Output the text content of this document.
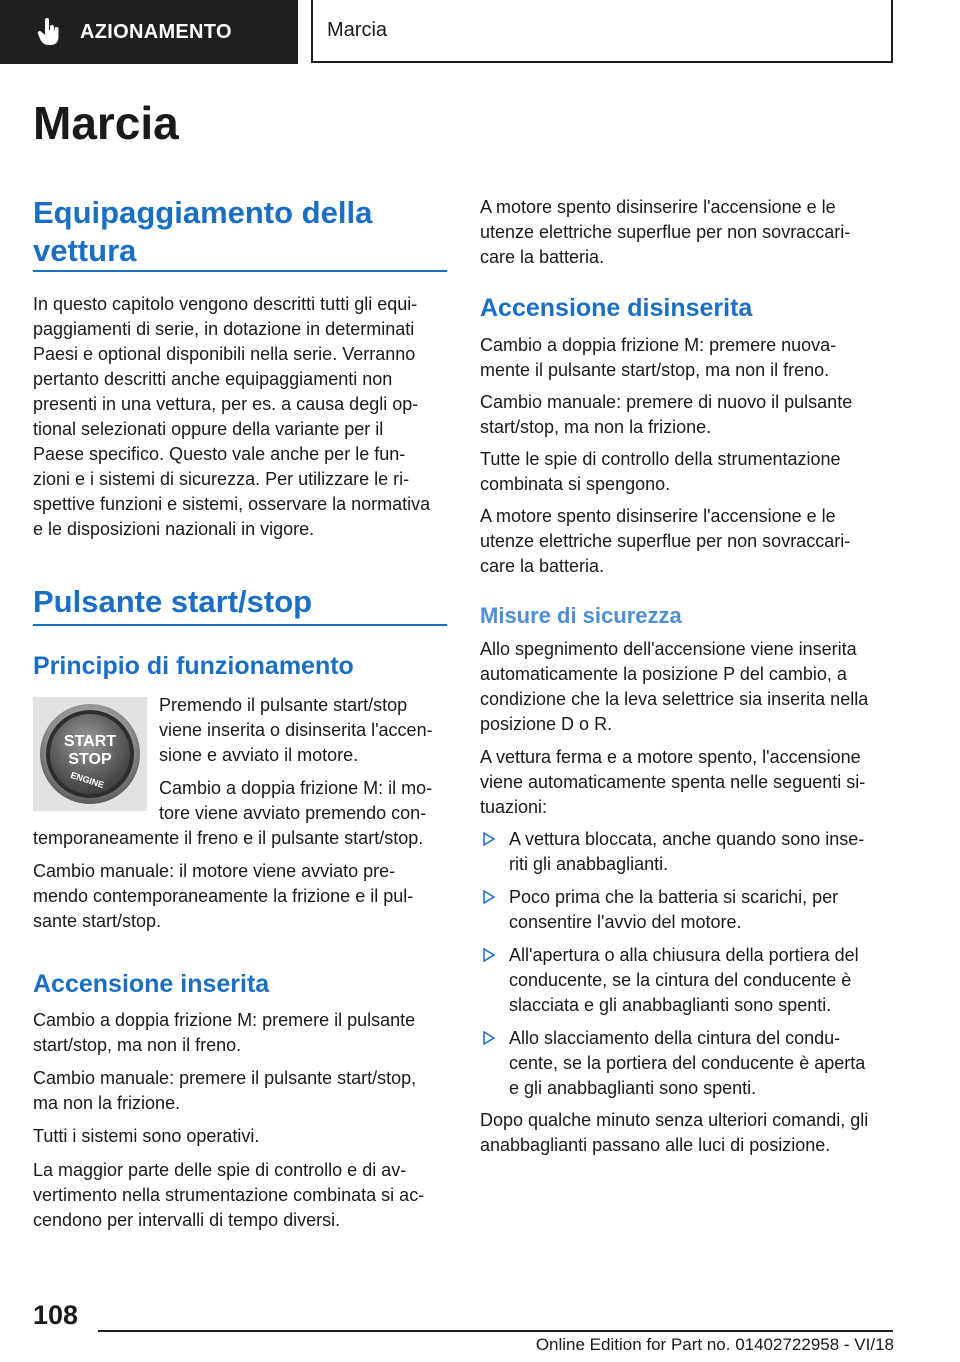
AZIONAMENTO	Marcia
Marcia
Equipaggiamento della vettura

In questo capitolo vengono descritti tutti gli equi-

paggiamenti di serie, in dotazione in determinati

Paesi e optional disponibili nella serie. Verranno

pertanto descritti anche equipaggiamenti non

presenti in una vettura, per es. a causa degli op-

tional selezionati oppure della variante per il

Paese specifico. Questo vale anche per le fun-

zioni e i sistemi di sicurezza. Per utilizzare le ri-

spettive funzioni e sistemi, osservare la normativa

e le disposizioni nazionali in vigore.

Pulsante start/stop
Principio di funzionamento
START
STOP
ENGINE

Premendo il pulsante start/stop

viene inserita o disinserita l'accen-

sione e avviato il motore.

Cambio a doppia frizione M: il mo-

tore viene avviato premendo con-

temporaneamente il freno e il pulsante start/stop.

Cambio manuale: il motore viene avviato pre-

mendo contemporaneamente la frizione e il pul-

sante start/stop.

Accensione inserita

Cambio a doppia frizione M: premere il pulsante

start/stop, ma non il freno.

Cambio manuale: premere il pulsante start/stop,

ma non la frizione.

Tutti i sistemi sono operativi.

La maggior parte delle spie di controllo e di av-

vertimento nella strumentazione combinata si ac-

cendono per intervalli di tempo diversi.

A motore spento disinserire l'accensione e le

utenze elettriche superflue per non sovraccari-

care la batteria.

Accensione disinserita

Cambio a doppia frizione M: premere nuova-

mente il pulsante start/stop, ma non il freno.

Cambio manuale: premere di nuovo il pulsante

start/stop, ma non la frizione.

Tutte le spie di controllo della strumentazione

combinata si spengono.

A motore spento disinserire l'accensione e le

utenze elettriche superflue per non sovraccari-

care la batteria.

Misure di sicurezza

Allo spegnimento dell'accensione viene inserita

automaticamente la posizione P del cambio, a

condizione che la leva selettrice sia inserita nella

posizione D o R.

A vettura ferma e a motore spento, l'accensione

viene automaticamente spenta nelle seguenti si-

tuazioni:

A vettura bloccata, anche quando sono inse-

riti gli anabbaglianti.

Poco prima che la batteria si scarichi, per

consentire l'avvio del motore.

All'apertura o alla chiusura della portiera del

conducente, se la cintura del conducente è

slacciata e gli anabbaglianti sono spenti.

Allo slacciamento della cintura del condu-

cente, se la portiera del conducente è aperta

e gli anabbaglianti sono spenti.

Dopo qualche minuto senza ulteriori comandi, gli

anabbaglianti passano alle luci di posizione.

108
Online Edition for Part no. 01402722958 - VI/18
